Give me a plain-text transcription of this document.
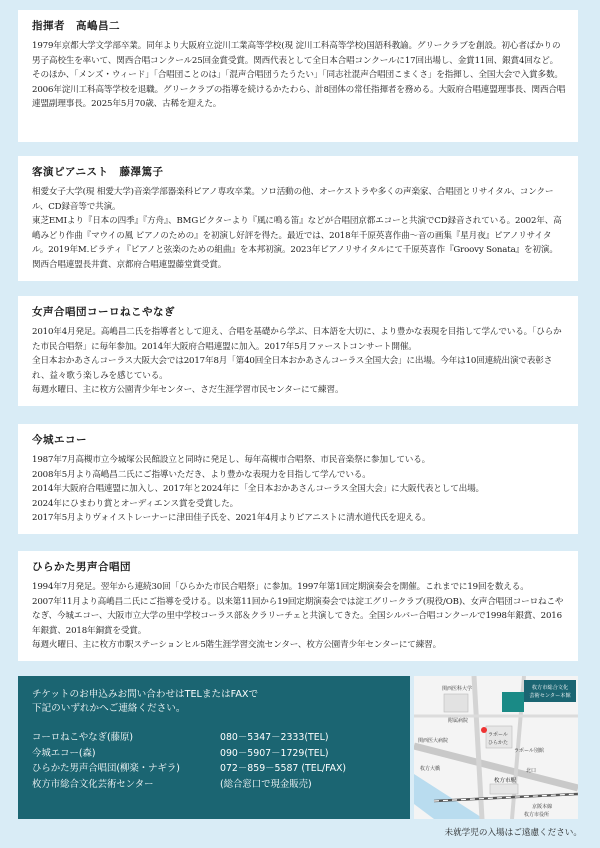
指揮者　高嶋昌二

1979年京都大学文学部卒業。同年より大阪府立淀川工業高等学校(現 淀川工科高等学校)国語科教諭。グリークラブを創設。初心者ばかりの男子高校生を率いて、関西合唱コンクール25回金賞受賞。関西代表として全日本合唱コンクールに17回出場し、金賞11回、銀賞4回など。そのほか、「メンズ・ウィード」「合唱団ことのは」「混声合唱団うたうたい」「同志社混声合唱団こまくさ」を指揮し、全国大会で入賞多数。

2006年淀川工科高等学校を退職。グリークラブの指導を続けるかたわら、計8団体の常任指揮者を務める。大阪府合唱連盟理事長、関西合唱連盟副理事長。2025年5月70歳、古稀を迎えた。

客演ピアニスト　藤澤篤子

相愛女子大学(現 相愛大学)音楽学部器楽科ピアノ専攻卒業。ソロ活動の他、オーケストラや多くの声楽家、合唱団とリサイタル、コンクール、CD録音等で共演。

東芝EMIより『日本の四季』『方舟』、BMGビクターより『風に鳴る笛』などが合唱団京都エコーと共演でCD録音されている。2002年、高嶋みどり作曲『マウイの風 ピアノのための』を初演し好評を得た。最近では、2018年千原英喜作曲～音の画集『星月夜』ピアノリサイタル。2019年M.ピラティ『ピアノと弦楽のための組曲』を本邦初演。2023年ピアノリサイタルにて千原英喜作『Groovy Sonata』を初演。関西合唱連盟長井賞、京都府合唱連盟藤堂賞受賞。

女声合唱団コーロねこやなぎ

2010年4月発足。高嶋昌二氏を指導者として迎え、合唱を基礎から学ぶ、日本語を大切に、より豊かな表現を目指して学んでいる。「ひらかた市民合唱祭」に毎年参加。2014年大阪府合唱連盟に加入。2017年5月ファーストコンサート開催。

全日本おかあさんコーラス大阪大会では2017年8月「第40回全日本おかあさんコーラス全国大会」に出場。今年は10回連続出演で表彰され、益々歌う楽しみを感じている。

毎週水曜日、主に枚方公園青少年センター、さだ生涯学習市民センターにて練習。

今城エコー

1987年7月高槻市立今城塚公民館設立と同時に発足し、毎年高槻市合唱祭、市民音楽祭に参加している。

2008年5月より高嶋昌二氏にご指導いただき、より豊かな表現力を目指して学んでいる。

2014年大阪府合唱連盟に加入し、2017年と2024年に「全日本おかあさんコーラス全国大会」に大阪代表として出場。

2024年にひまわり賞とオーディエンス賞を受賞した。

2017年5月よりヴォイストレーナーに津田佳子氏を、2021年4月よりピアニストに清水道代氏を迎える。

ひらかた男声合唱団

1994年7月発足。翌年から連続30回「ひらかた市民合唱祭」に参加。1997年第1回定期演奏会を開催。これまでに19回を数える。

2007年11月より高嶋昌二氏にご指導を受ける。以来第11回から19回定期演奏会では淀工グリークラブ(現役/OB)、女声合唱団コーロねこやなぎ、今城エコー、大阪市立大学の里中学校コーラス部＆クラリーチェと共演してきた。全国シルバー合唱コンクールで1998年銀賞、2016年銀賞、2018年銅賞を受賞。

毎週火曜日、主に枚方市駅ステーションヒル5階生涯学習交流センター、枚方公園青少年センターにて練習。

チケットのお申込みお問い合わせはTELまたはFAXで
下記のいずれかへご連絡ください。

コーロねこやなぎ(藤原)	080－5347－2333(TEL)
今城エコー(森)	090－5907－1729(TEL)
ひらかた男声合唱団(柳楽・ナギラ)	072－859－5587 (TEL/FAX)
枚方市総合文化芸術センター	(総合窓口で現金販売)
枚方市総合文化
芸術センター本館
関西医科大学
附属病院
ラポール
ひらかた
ラポール別館
関西医大病院
枚方大橋
枚方市駅
京阪本線
北口
枚方市役所
未就学児の入場はご遠慮ください。
